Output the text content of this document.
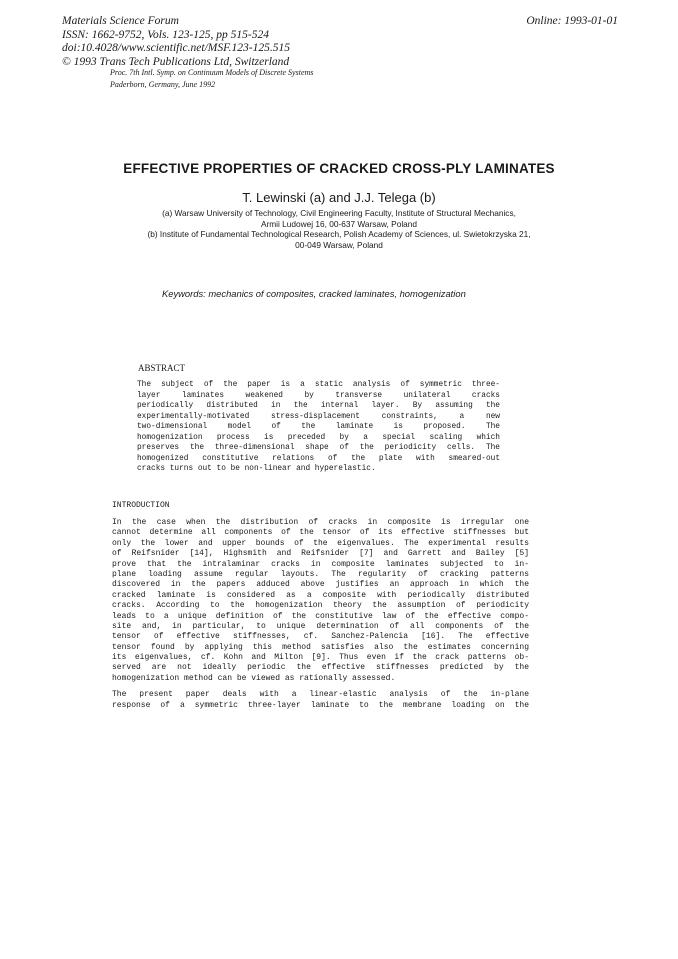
Materials Science Forum
ISSN: 1662-9752, Vols. 123-125, pp 515-524
doi:10.4028/www.scientific.net/MSF.123-125.515
© 1993 Trans Tech Publications Ltd, Switzerland
Online: 1993-01-01
Proc. 7th Intl. Symp. on Continuum Models of Discrete Systems
Paderborn, Germany, June 1992
EFFECTIVE PROPERTIES OF CRACKED CROSS-PLY LAMINATES
T. Lewinski (a) and J.J. Telega (b)
(a) Warsaw University of Technology, Civil Engineering Faculty, Institute of Structural Mechanics,
Armii Ludowej 16, 00-637 Warsaw, Poland
(b) Institute of Fundamental Technological Research, Polish Academy of Sciences, ul. Swietokrzyska 21,
00-049 Warsaw, Poland
Keywords: mechanics of composites, cracked laminates, homogenization
ABSTRACT
The subject of the paper is a static analysis of symmetric three-
layer laminates weakened by transverse unilateral cracks
periodically distributed in the internal layer. By assuming the
experimentally-motivated stress-displacement constraints, a new
two-dimensional model of the laminate is proposed. The
homogenization process is preceded by a special scaling which
preserves the three-dimensional shape of the periodicity cells. The
homogenized constitutive relations of the plate with smeared-out
cracks turns out to be non-linear and hyperelastic.
INTRODUCTION
In the case when the distribution of cracks in composite is irregular one
cannot determine all components of the tensor of its effective stiffnesses but
only the lower and upper bounds of the eigenvalues. The experimental results
of Reifsnider [14], Highsmith and Reifsnider [7] and Garrett and Bailey [5]
prove that the intralaminar cracks in composite laminates subjected to in-
plane loading assume regular layouts. The regularity of cracking patterns
discovered in the papers adduced above justifies an approach in which the
cracked laminate is considered as a composite with periodically distributed
cracks. According to the homogenization theory the assumption of periodicity
leads to a unique definition of the constitutive law of the effective compo-
site and, in particular, to unique determination of all components of the
tensor of effective stiffnesses, cf. Sanchez-Palencia [16]. The effective
tensor found by applying this method satisfies also the estimates concerning
its eigenvalues, cf. Kohn and Milton [9]. Thus even if the crack patterns ob-
served are not ideally periodic the effective stiffnesses predicted by the
homogenization method can be viewed as rationally assessed.
The present paper deals with a linear-elastic analysis of the in-plane
response of a symmetric three-layer laminate to the membrane loading on the
